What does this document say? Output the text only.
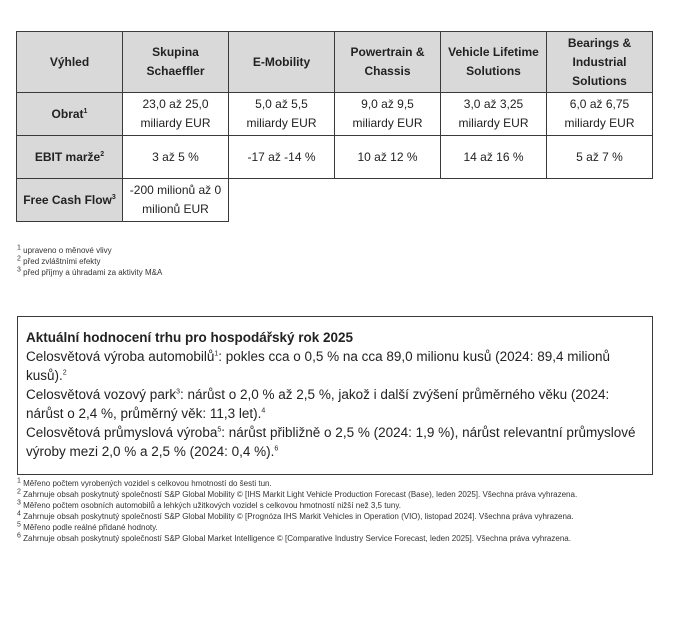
Výhled	Skupina Schaeffler	E-Mobility	Powertrain & Chassis	Vehicle Lifetime Solutions	Bearings & Industrial Solutions
Obrat$^1$	23,0 až 25,0 miliardy EUR	5,0 až 5,5 miliardy EUR	9,0 až 9,5 miliardy EUR	3,0 až 3,25 miliardy EUR	6,0 až 6,75 miliardy EUR
EBIT marže$^2$	3 až 5 %	-17 až -14 %	10 až 12 %	14 až 16 %	5 až 7 %
Free Cash Flow$^3$	-200 milionů až 0 milionů EUR				
$^1$ upraveno o měnové vlivy
$^2$ před zvláštními efekty
$^3$ před příjmy a úhradami za aktivity M&A
Aktuální hodnocení trhu pro hospodářský rok 2025
Celosvětová výroba automobilů$^1$: pokles cca o 0,5 % na cca 89,0 milionu kusů (2024: 89,4 milionů kusů).$^2$
Celosvětová vozový park$^3$: nárůst o 2,0 % až 2,5 %, jakož i další zvýšení průměrného věku (2024: nárůst o 2,4 %, průměrný věk: 11,3 let).$^4$
Celosvětová průmyslová výroba$^5$: nárůst přibližně o 2,5 % (2024: 1,9 %), nárůst relevantní průmyslové výroby mezi 2,0 % a 2,5 % (2024: 0,4 %).$^6$
$^1$ Měřeno počtem vyrobených vozidel s celkovou hmotností do šesti tun.
$^2$ Zahrnuje obsah poskytnutý společností S&P Global Mobility © [IHS Markit Light Vehicle Production Forecast (Base), leden 2025]. Všechna práva vyhrazena.
$^3$ Měřeno počtem osobních automobilů a lehkých užitkových vozidel s celkovou hmotností nižší než 3,5 tuny.
$^4$ Zahrnuje obsah poskytnutý společností S&P Global Mobility © [Prognóza IHS Markit Vehicles in Operation (VIO), listopad 2024]. Všechna práva vyhrazena.
$^5$ Měřeno podle reálné přidané hodnoty.
$^6$ Zahrnuje obsah poskytnutý společností S&P Global Market Intelligence © [Comparative Industry Service Forecast, leden 2025]. Všechna práva vyhrazena.
